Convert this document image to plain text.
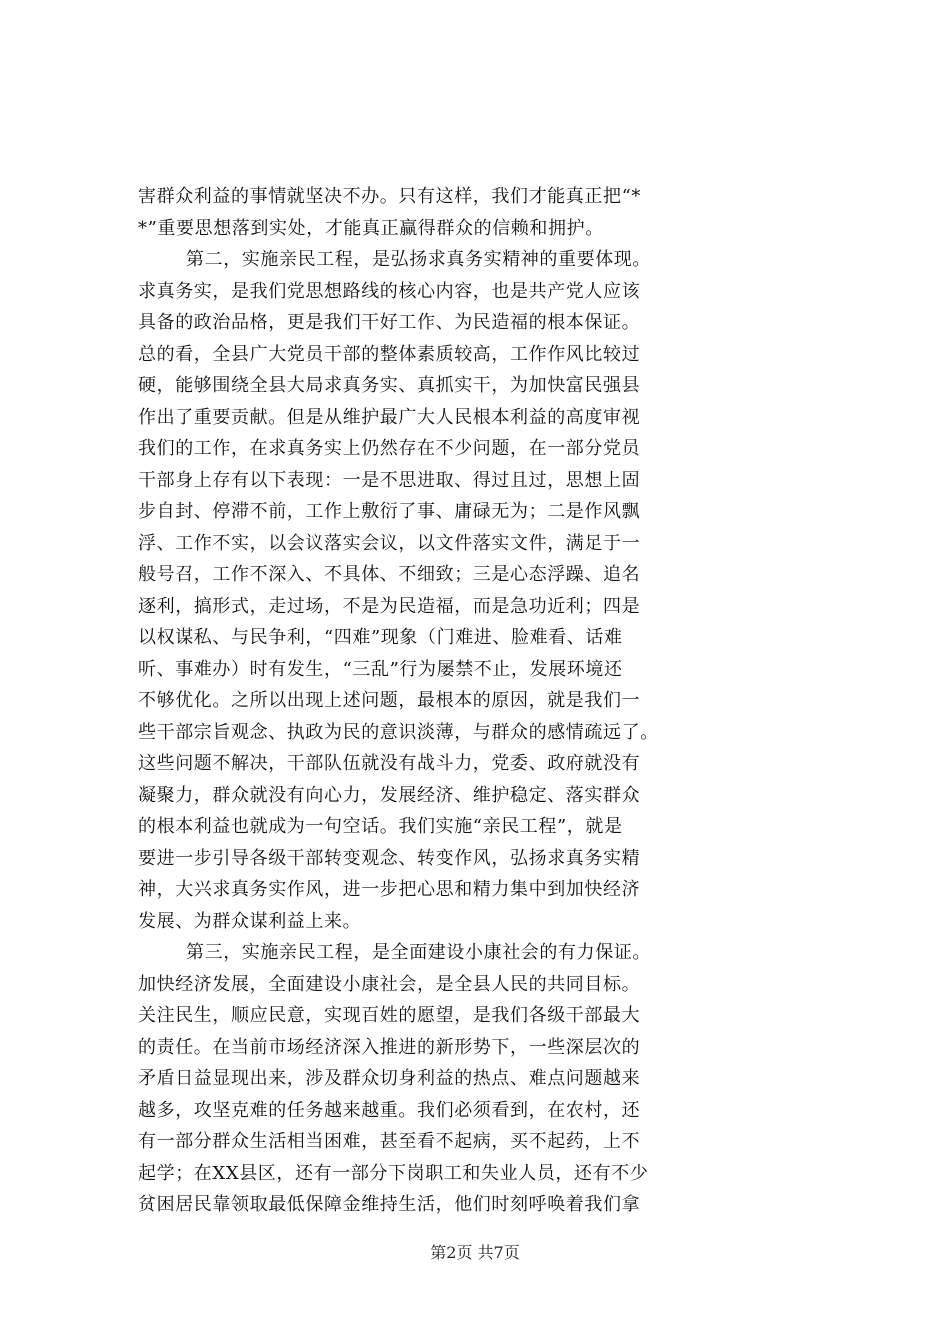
害群众利益的事情就坚决不办。只有这样，我们才能真正把“*
*”重要思想落到实处，才能真正赢得群众的信赖和拥护。
第二，实施亲民工程，是弘扬求真务实精神的重要体现。
求真务实，是我们党思想路线的核心内容，也是共产党人应该
具备的政治品格，更是我们干好工作、为民造福的根本保证。
总的看，全县广大党员干部的整体素质较高，工作作风比较过
硬，能够围绕全县大局求真务实、真抓实干，为加快富民强县
作出了重要贡献。但是从维护最广大人民根本利益的高度审视
我们的工作，在求真务实上仍然存在不少问题，在一部分党员
干部身上存有以下表现：一是不思进取、得过且过，思想上固
步自封、停滞不前，工作上敷衍了事、庸碌无为；二是作风飘
浮、工作不实，以会议落实会议，以文件落实文件，满足于一
般号召，工作不深入、不具体、不细致；三是心态浮躁、追名
逐利，搞形式，走过场，不是为民造福，而是急功近利；四是
以权谋私、与民争利，“四难”现象（门难进、脸难看、话难
听、事难办）时有发生，“三乱”行为屡禁不止，发展环境还
不够优化。之所以出现上述问题，最根本的原因，就是我们一
些干部宗旨观念、执政为民的意识淡薄，与群众的感情疏远了。
这些问题不解决，干部队伍就没有战斗力，党委、政府就没有
凝聚力，群众就没有向心力，发展经济、维护稳定、落实群众
的根本利益也就成为一句空话。我们实施“亲民工程”，就是
要进一步引导各级干部转变观念、转变作风，弘扬求真务实精
神，大兴求真务实作风，进一步把心思和精力集中到加快经济
发展、为群众谋利益上来。
第三，实施亲民工程，是全面建设小康社会的有力保证。
加快经济发展，全面建设小康社会，是全县人民的共同目标。
关注民生，顺应民意，实现百姓的愿望，是我们各级干部最大
的责任。在当前市场经济深入推进的新形势下，一些深层次的
矛盾日益显现出来，涉及群众切身利益的热点、难点问题越来
越多，攻坚克难的任务越来越重。我们必须看到，在农村，还
有一部分群众生活相当困难，甚至看不起病，买不起药，上不
起学；在XX县区，还有一部分下岗职工和失业人员，还有不少
贫困居民靠领取最低保障金维持生活，他们时刻呼唤着我们拿
第2页 共7页
